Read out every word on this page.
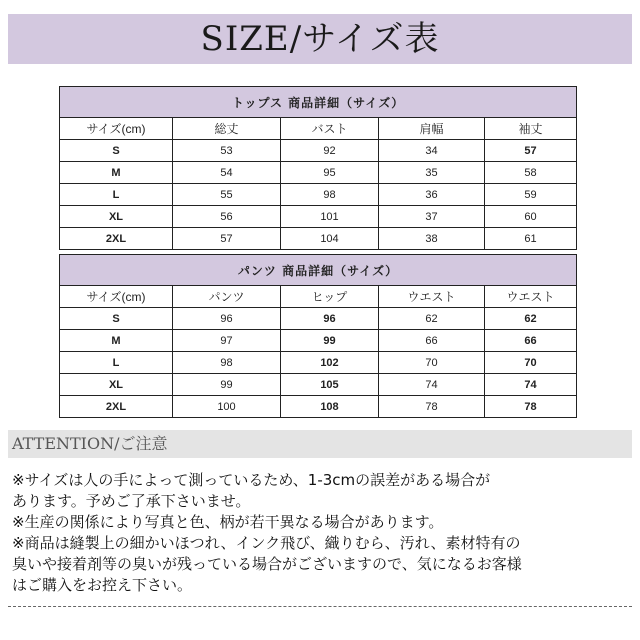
SIZE/サイズ表
トップス 商品詳細（サイズ）				
サイズ(cm)	総丈	バスト	肩幅	袖丈
S	53	92	34	57
M	54	95	35	58
L	55	98	36	59
XL	56	101	37	60
2XL	57	104	38	61
パンツ 商品詳細（サイズ）				
サイズ(cm)	パンツ	ヒップ	ウエスト	ウエスト
S	96	96	62	62
M	97	99	66	66
L	98	102	70	70
XL	99	105	74	74
2XL	100	108	78	78
ATTENTION/ご注意

※サイズは人の手によって測っているため、1-3cmの誤差がある場合が

あります。予めご了承下さいませ。

※生産の関係により写真と色、柄が若干異なる場合があります。

※商品は縫製上の細かいほつれ、インク飛び、織りむら、汚れ、素材特有の

臭いや接着剤等の臭いが残っている場合がございますので、気になるお客様

はご購入をお控え下さい。
